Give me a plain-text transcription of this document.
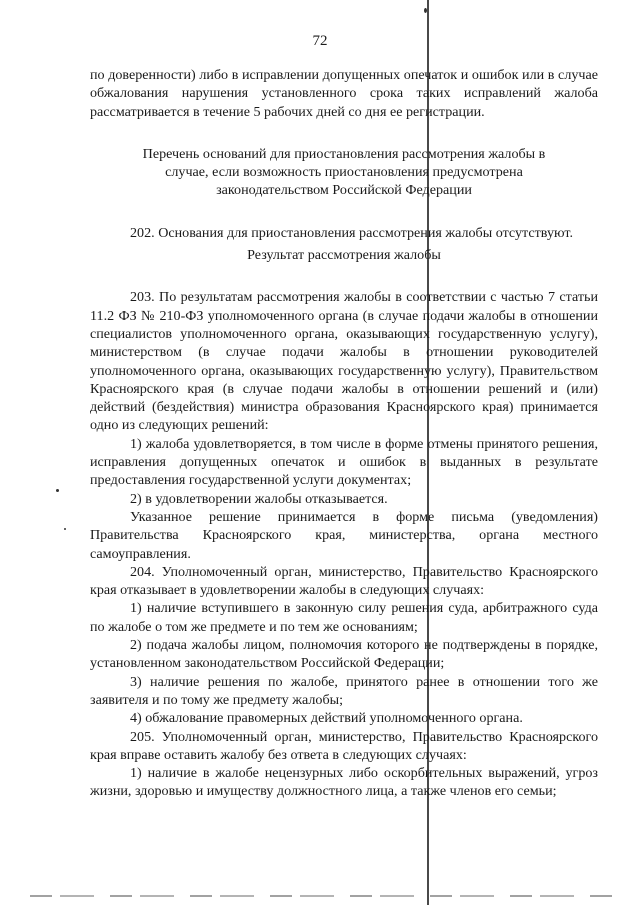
72

по доверенности) либо в исправлении допущенных опечаток и ошибок или в случае обжалования нарушения установленного срока таких исправлений жалоба рассматривается в течение 5 рабочих дней со дня ее регистрации.

Перечень оснований для приостановления рассмотрения жалобы в случае, если возможность приостановления предусмотрена законодательством Российской Федерации

202. Основания для приостановления рассмотрения жалобы отсутствуют.

Результат рассмотрения жалобы

203. По результатам рассмотрения жалобы в соответствии с частью 7 статьи 11.2 ФЗ № 210-ФЗ уполномоченного органа (в случае подачи жалобы в отношении специалистов уполномоченного органа, оказывающих государственную услугу), министерством (в случае подачи жалобы в отношении руководителей уполномоченного органа, оказывающих государственную услугу), Правительством Красноярского края (в случае подачи жалобы в отношении решений и (или) действий (бездействия) министра образования Красноярского края) принимается одно из следующих решений:

1) жалоба удовлетворяется, в том числе в форме отмены принятого решения, исправления допущенных опечаток и ошибок в выданных в результате предоставления государственной услуги документах;

2) в удовлетворении жалобы отказывается.

Указанное решение принимается в форме письма (уведомления) Правительства Красноярского края, министерства, органа местного самоуправления.

204. Уполномоченный орган, министерство, Правительство Красноярского края отказывает в удовлетворении жалобы в следующих случаях:

1) наличие вступившего в законную силу решения суда, арбитражного суда по жалобе о том же предмете и по тем же основаниям;

2) подача жалобы лицом, полномочия которого не подтверждены в порядке, установленном законодательством Российской Федерации;

3) наличие решения по жалобе, принятого ранее в отношении того же заявителя и по тому же предмету жалобы;

4) обжалование правомерных действий уполномоченного органа.

205. Уполномоченный орган, министерство, Правительство Красноярского края вправе оставить жалобу без ответа в следующих случаях:

1) наличие в жалобе нецензурных либо оскорбительных выражений, угроз жизни, здоровью и имуществу должностного лица, а также членов его семьи;
